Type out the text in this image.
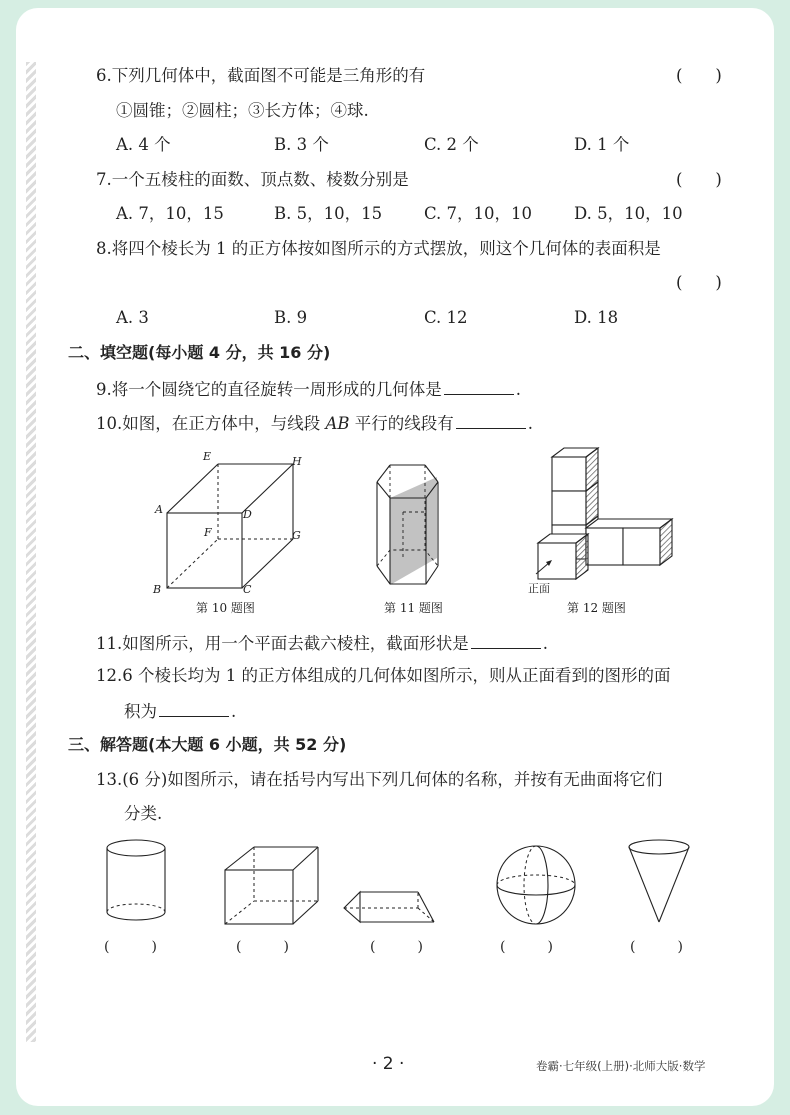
6.下列几何体中，截面图不可能是三角形的有	(　　)
①圆锥；②圆柱；③长方体；④球.
A. 4 个	B. 3 个	C. 2 个	D. 1 个
7.一个五棱柱的面数、顶点数、棱数分别是	(　　)
A. 7，10，15	B. 5，10，15	C. 7，10，10	D. 5，10，10
8.将四个棱长为 1 的正方体按如图所示的方式摆放，则这个几何体的表面积是
(　　)
A. 3	B. 9	C. 12	D. 18
二、填空题(每小题 4 分，共 16 分)
9.将一个圆绕它的直径旋转一周形成的几何体是	.
10.如图，在正方体中，与线段 AB 平行的线段有	.
E	H
A	D
F	G
B	C
第 10 题图	第 11 题图
正面
第 12 题图
11.如图所示，用一个平面去截六棱柱，截面形状是	.
12.6 个棱长均为 1 的正方体组成的几何体如图所示，则从正面看到的图形的面
积为	.
三、解答题(本大题 6 小题，共 52 分)
13.(6 分)如图所示，请在括号内写出下列几何体的名称，并按有无曲面将它们
分类.
(　　　)	(　　　)	(　　　)	(　　　)	(　　　)
· 2 ·	卷霸·七年级(上册)·北师大版·数学
